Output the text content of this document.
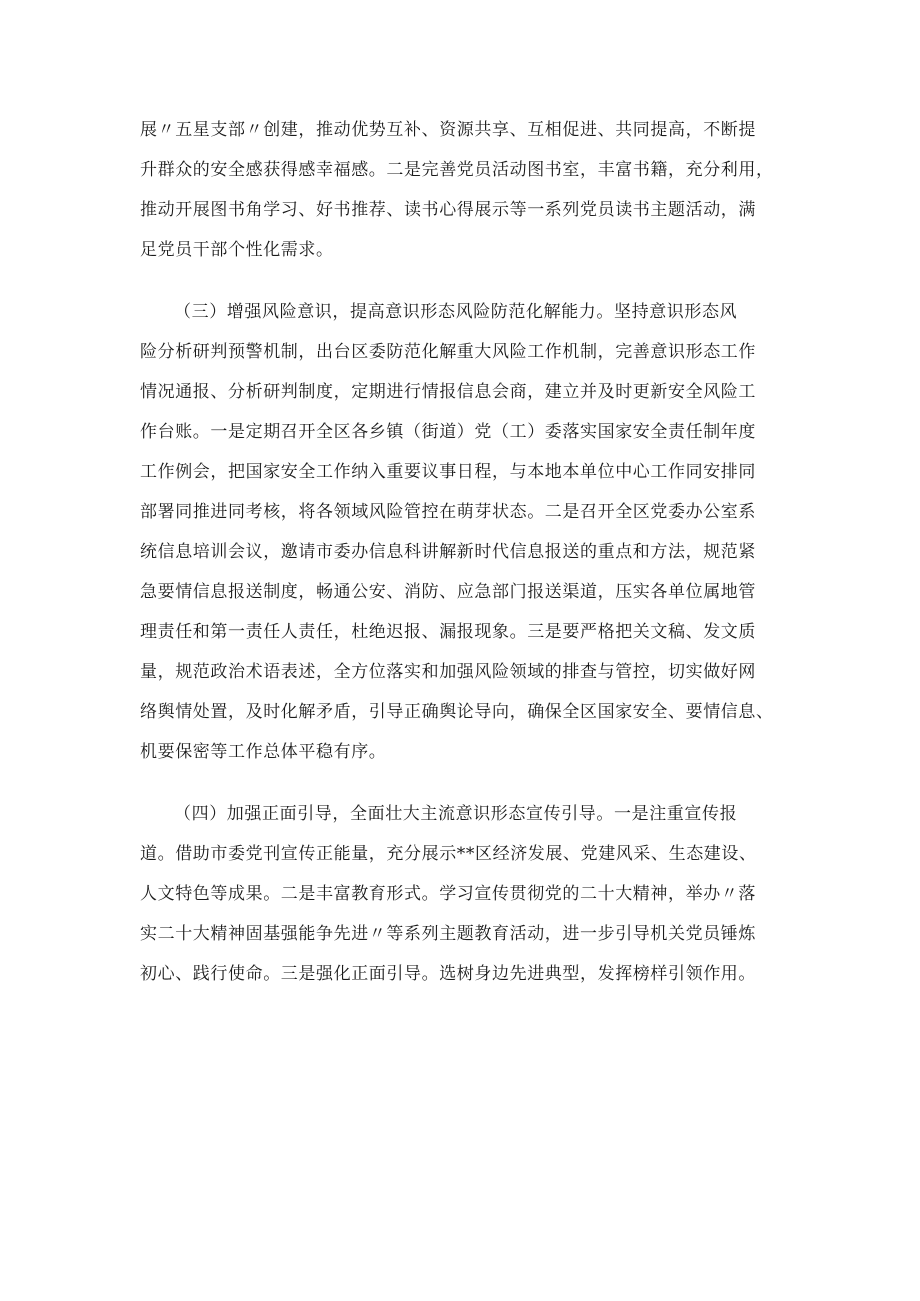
展〃五星支部〃创建，推动优势互补、资源共享、互相促进、共同提高，不断提
升群众的安全感获得感幸福感。二是完善党员活动图书室，丰富书籍，充分利用，
推动开展图书角学习、好书推荐、读书心得展示等一系列党员读书主题活动，满
足党员干部个性化需求。

（三）增强风险意识，提高意识形态风险防范化解能力。坚持意识形态风
险分析研判预警机制，出台区委防范化解重大风险工作机制，完善意识形态工作
情况通报、分析研判制度，定期进行情报信息会商，建立并及时更新安全风险工
作台账。一是定期召开全区各乡镇（街道）党（工）委落实国家安全责任制年度
工作例会，把国家安全工作纳入重要议事日程，与本地本单位中心工作同安排同
部署同推进同考核，将各领域风险管控在萌芽状态。二是召开全区党委办公室系
统信息培训会议，邀请市委办信息科讲解新时代信息报送的重点和方法，规范紧
急要情信息报送制度，畅通公安、消防、应急部门报送渠道，压实各单位属地管
理责任和第一责任人责任，杜绝迟报、漏报现象。三是要严格把关文稿、发文质
量，规范政治术语表述，全方位落实和加强风险领域的排查与管控，切实做好网
络舆情处置，及时化解矛盾，引导正确舆论导向，确保全区国家安全、要情信息、
机要保密等工作总体平稳有序。

（四）加强正面引导，全面壮大主流意识形态宣传引导。一是注重宣传报
道。借助市委党刊宣传正能量，充分展示**区经济发展、党建风采、生态建设、
人文特色等成果。二是丰富教育形式。学习宣传贯彻党的二十大精神，举办〃落
实二十大精神固基强能争先进〃等系列主题教育活动，进一步引导机关党员锤炼
初心、践行使命。三是强化正面引导。选树身边先进典型，发挥榜样引领作用。
